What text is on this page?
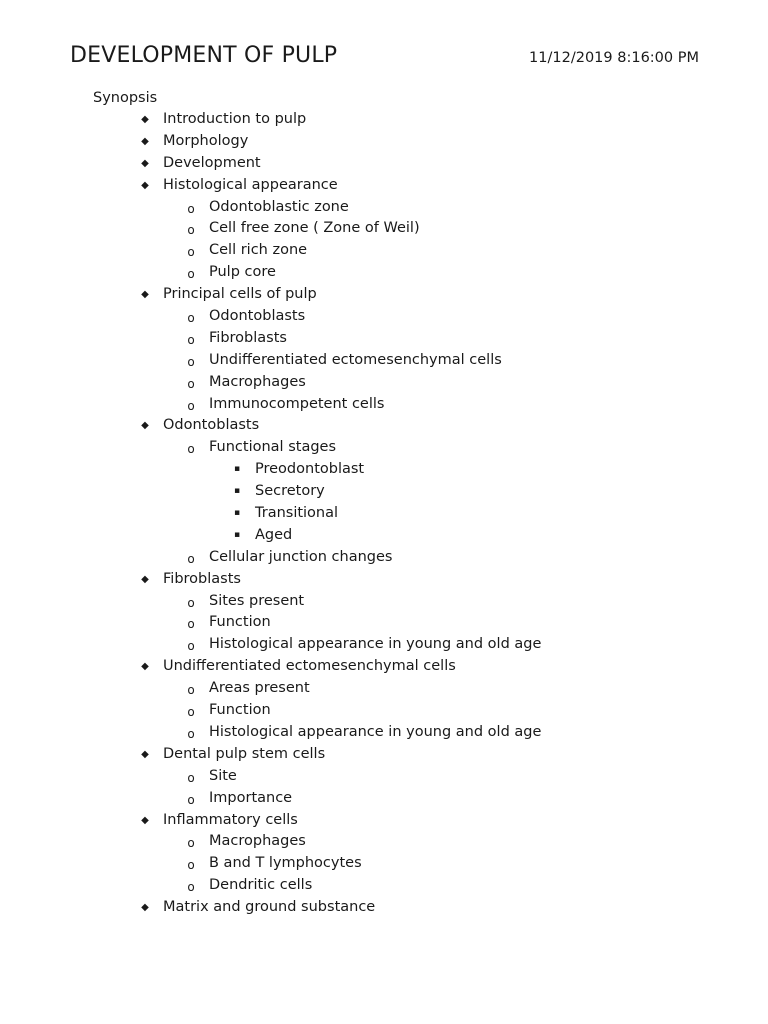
DEVELOPMENT OF PULP	11/12/2019 8:16:00 PM
Synopsis
◆ Introduction to pulp
◆ Morphology
◆ Development
◆ Histological appearance
o Odontoblastic zone
o Cell free zone ( Zone of Weil)
o Cell rich zone
o Pulp core
◆ Principal cells of pulp
o Odontoblasts
o Fibroblasts
o Undifferentiated ectomesenchymal cells
o Macrophages
o Immunocompetent cells
◆ Odontoblasts
o Functional stages
▪ Preodontoblast
▪ Secretory
▪ Transitional
▪ Aged
o Cellular junction changes
◆ Fibroblasts
o Sites present
o Function
o Histological appearance in young and old age
◆ Undifferentiated ectomesenchymal cells
o Areas present
o Function
o Histological appearance in young and old age
◆ Dental pulp stem cells
o Site
o Importance
◆ Inflammatory cells
o Macrophages
o B and T lymphocytes
o Dendritic cells
◆ Matrix and ground substance
